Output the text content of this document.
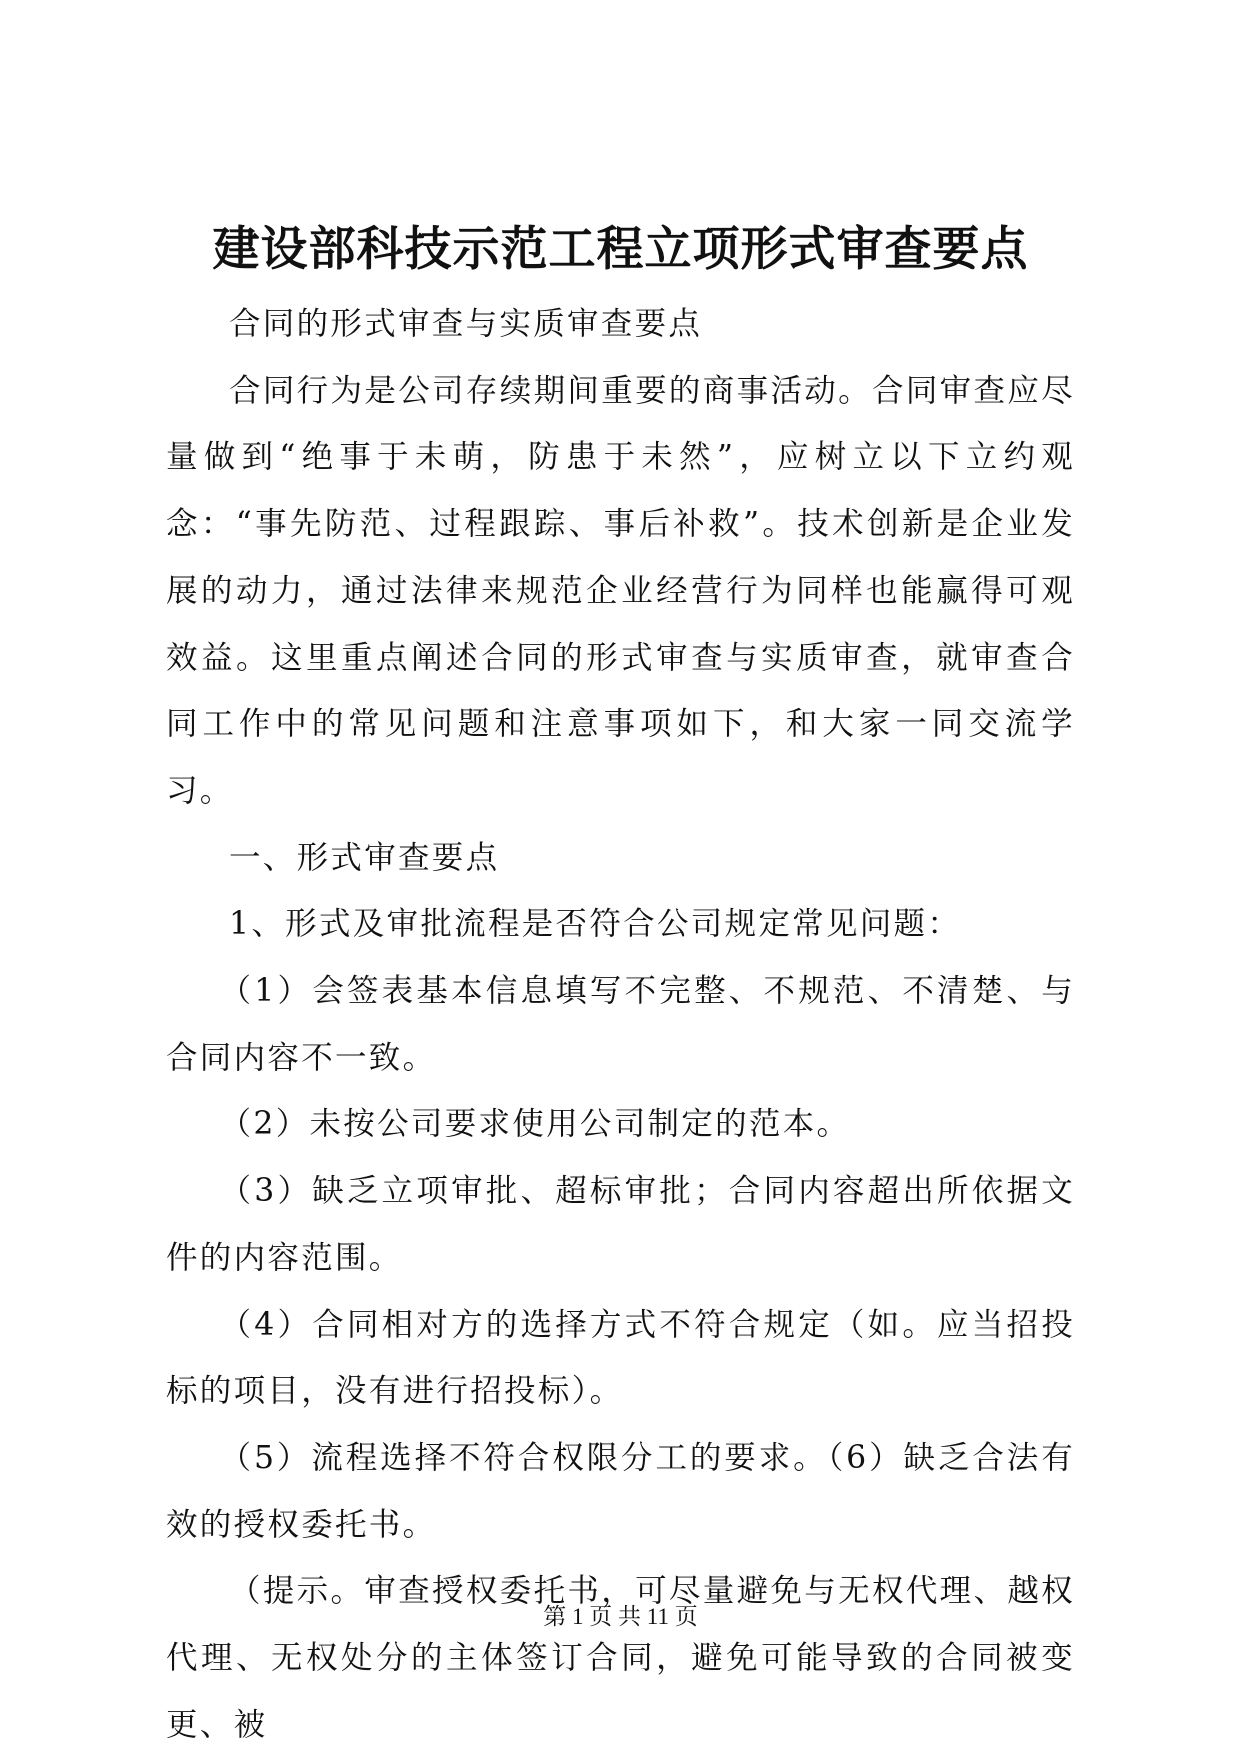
建设部科技示范工程立项形式审查要点

合同的形式审查与实质审查要点

合同行为是公司存续期间重要的商事活动。合同审查应尽量做到“绝事于未萌，防患于未然”，应树立以下立约观念：“事先防范、过程跟踪、事后补救”。技术创新是企业发展的动力，通过法律来规范企业经营行为同样也能赢得可观效益。这里重点阐述合同的形式审查与实质审查，就审查合同工作中的常见问题和注意事项如下，和大家一同交流学习。

一、形式审查要点

1、形式及审批流程是否符合公司规定常见问题：

（1）会签表基本信息填写不完整、不规范、不清楚、与合同内容不一致。

（2）未按公司要求使用公司制定的范本。

（3）缺乏立项审批、超标审批；合同内容超出所依据文件的内容范围。

（4）合同相对方的选择方式不符合规定（如。应当招投标的项目，没有进行招投标）。

（5）流程选择不符合权限分工的要求。（6）缺乏合法有效的授权委托书。

（提示。审查授权委托书，可尽量避免与无权代理、越权代理、无权处分的主体签订合同，避免可能导致的合同被变更、被

第 1 页 共 11 页
